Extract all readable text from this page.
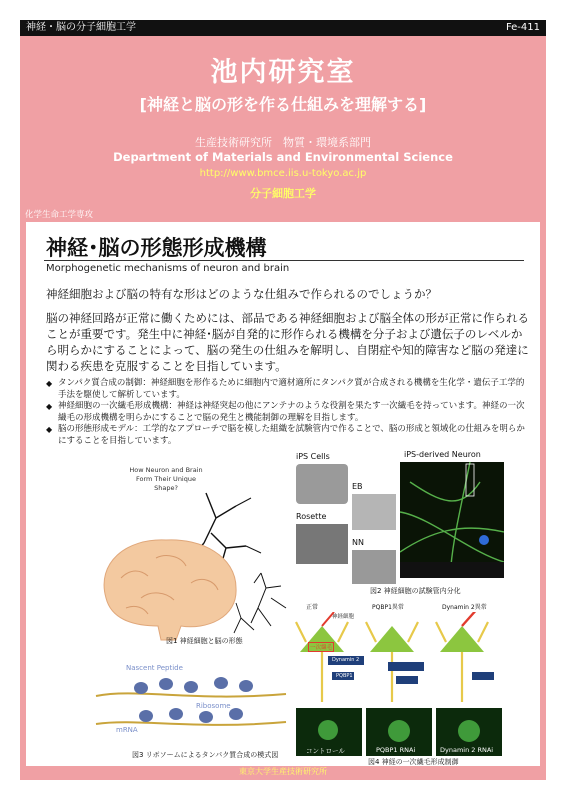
神経・脳の分子細胞工学	Fe-411
池内研究室
[神経と脳の形を作る仕組みを理解する]
生産技術研究所　物質・環境系部門
Department of Materials and Environmental Science
http://www.bmce.iis.u-tokyo.ac.jp
分子細胞工学
化学生命工学専攻
神経･脳の形態形成機構
Morphogenetic mechanisms of neuron and brain
神経細胞および脳の特有な形はどのような仕組みで作られるのでしょうか？
脳の神経回路が正常に働くためには、部品である神経細胞および脳全体の形が正常に作られることが重要です。発生中に神経･脳が自発的に形作られる機構を分子および遺伝子のレベルから明らかにすることによって、脳の発生の仕組みを解明し、自閉症や知的障害など脳の発達に関わる疾患を克服することを目指しています。
◆ タンパク質合成の制御：神経細胞を形作るために細胞内で適材適所にタンパク質が合成される機構を生化学・遺伝子工学的手法を駆使して解析しています。
◆ 神経細胞の一次繊毛形成機構：神経は神経突起の他にアンテナのような役割を果たす一次繊毛を持っています。神経の一次繊毛の形成機構を明らかにすることで脳の発生と機能制御の理解を目指します。
◆ 脳の形態形成モデル：工学的なアプローチで脳を模した組織を試験管内で作ることで、脳の形成と領域化の仕組みを明らかにすることを目指しています。
How Neuron and Brain Form Their Unique Shape?
図1 神経細胞と脳の形態
iPS Cells
EB
Rosette
NN
iPS-derived Neuron
図2 神経細胞の試験管内分化
Nascent Peptide
Ribosome
mRNA
図3 リボソームによるタンパク質合成の模式図
正常	PQBP1異常	Dynamin 2異常
神経細胞
一次繊毛
Dynamin 2
PQBP1
コントロール	PQBP1 RNAi	Dynamin 2 RNAi
図4 神経の一次繊毛形成制御
東京大学生産技術研究所
